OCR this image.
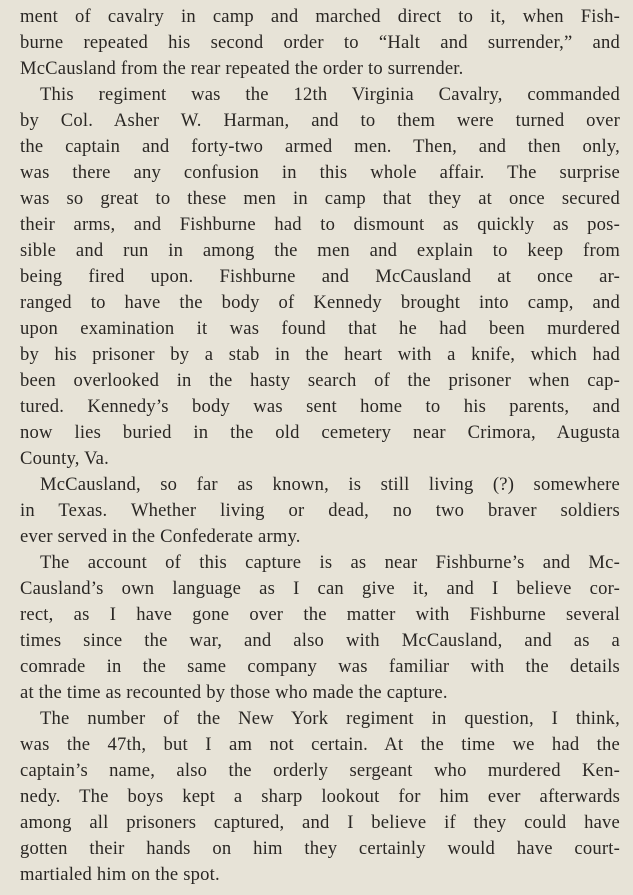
ment of cavalry in camp and marched direct to it, when Fish-
burne repeated his second order to “Halt and surrender,” and
McCausland from the rear repeated the order to surrender.
This regiment was the 12th Virginia Cavalry, commanded
by Col. Asher W. Harman, and to them were turned over
the captain and forty-two armed men. Then, and then only,
was there any confusion in this whole affair. The surprise
was so great to these men in camp that they at once secured
their arms, and Fishburne had to dismount as quickly as pos-
sible and run in among the men and explain to keep from
being fired upon. Fishburne and McCausland at once ar-
ranged to have the body of Kennedy brought into camp, and
upon examination it was found that he had been murdered
by his prisoner by a stab in the heart with a knife, which had
been overlooked in the hasty search of the prisoner when cap-
tured. Kennedy’s body was sent home to his parents, and
now lies buried in the old cemetery near Crimora, Augusta
County, Va.
McCausland, so far as known, is still living (?) somewhere
in Texas. Whether living or dead, no two braver soldiers
ever served in the Confederate army.
The account of this capture is as near Fishburne’s and Mc-
Causland’s own language as I can give it, and I believe cor-
rect, as I have gone over the matter with Fishburne several
times since the war, and also with McCausland, and as a
comrade in the same company was familiar with the details
at the time as recounted by those who made the capture.
The number of the New York regiment in question, I think,
was the 47th, but I am not certain. At the time we had the
captain’s name, also the orderly sergeant who murdered Ken-
nedy. The boys kept a sharp lookout for him ever afterwards
among all prisoners captured, and I believe if they could have
gotten their hands on him they certainly would have court-
martialed him on the spot.
